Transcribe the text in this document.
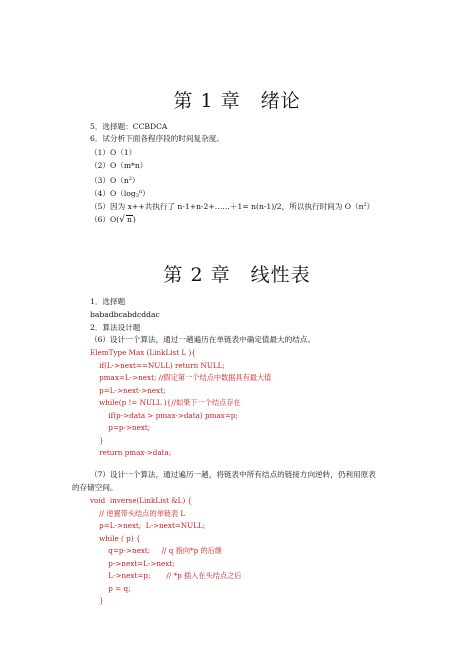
第 1 章　绪论
5．选择题：CCBDCA
6．试分析下面各程序段的时间复杂度。
（1）O（1）
（2）O（m*n）
$(3)O(n^2)$
$(4)O(\log_3^n)$
（5）因为 x++共执行了 n-1+n-2+……＋1= n(n-1)/2，所以执行时间为 $O(n^2)$
（6）O(√ n)
第 2 章　线性表
1．选择题
babadbcabdcddac
2．算法设计题
（6）设计一个算法，通过一趟遍历在单链表中确定值最大的结点。
ElemType Max (LinkList L ){
if(L->next==NULL) return NULL;
pmax=L->next; //假定第一个结点中数据具有最大值
p=L->next->next;
while(p != NULL ){//如果下一个结点存在
if(p->data > pmax->data) pmax=p;
p=p->next;
}
return pmax->data;
（7）设计一个算法，通过遍历一趟，将链表中所有结点的链接方向逆转，仍利用原表
的存储空间。
void  inverse(LinkList &L) {
// 逆置带头结点的单链表 L
p=L->next;  L->next=NULL;
while ( p) {
q=p->next;     // q 指向*p 的后继
p->next=L->next;
L->next=p;       // *p 插入在头结点之后
p = q;
}
